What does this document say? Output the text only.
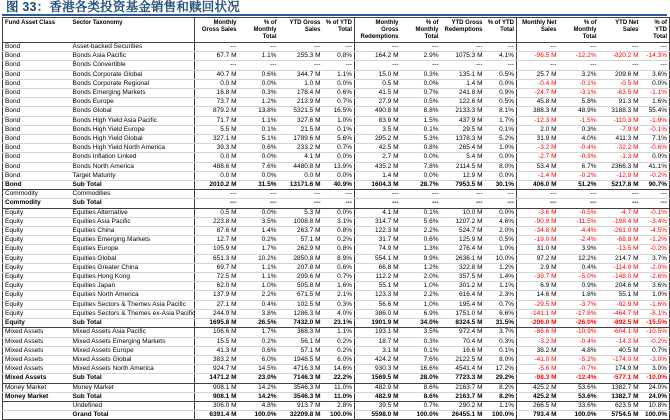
图 33：香港各类投资基金销售和赎回状况
Fund Asset Class	Sector Taxonomy	Monthly Gross Sales	% of Monthly Total	YTD Gross Sales	% of YTD Total	Monthly Gross Redemptions	% of Monthly Total	YTD Gross Redemptions	% of YTD Total	Monthly Net Sales	% of Monthly Total	YTD Net Sales	% of YTD Total
Bond	Asset-backed Securities	---	---	---	---	---	---	---	---	---	---	---	---
Bond	Bonds Asia Pacific	67.7 M	1.1%	255.3 M	0.8%	164.2 M	2.9%	1075.3 M	4.1%	-96.5 M	-12.2%	-820.2 M	-14.3%
Bond	Bonds Convertible	---	---	---	---	---	---	---	---	---	---	---	---
Bond	Bonds Corporate Global	40.7 M	0.6%	344.7 M	1.1%	15.0 M	0.3%	135.1 M	0.5%	25.7 M	3.2%	209.6 M	3.6%
Bond	Bonds Corporate Regional	0.0 M	0.0%	1.0 M	0.0%	0.5 M	0.0%	1.4 M	0.0%	-0.4 M	-0.1%	-0.5 M	0.0%
Bond	Bonds Emerging Markets	16.8 M	0.3%	178.4 M	0.6%	41.5 M	0.7%	241.8 M	0.9%	-24.7 M	-3.1%	-63.5 M	-1.1%
Bond	Bonds Europe	73.7 M	1.2%	213.9 M	0.7%	27.9 M	0.5%	122.6 M	0.5%	45.8 M	5.8%	91.3 M	1.6%
Bond	Bonds Global	879.2 M	13.8%	5321.5 M	16.5%	490.8 M	8.8%	2133.3 M	8.1%	388.3 M	48.9%	3188.3 M	55.4%
Bond	Bonds High Yield Asia Pacific	71.7 M	1.1%	327.6 M	1.0%	83.9 M	1.5%	437.9 M	1.7%	-12.3 M	-1.5%	-110.3 M	-1.9%
Bond	Bonds High Yield Europe	5.5 M	0.1%	21.5 M	0.1%	3.5 M	0.1%	29.5 M	0.1%	2.0 M	0.3%	-7.9 M	-0.1%
Bond	Bonds High Yield Global	327.1 M	5.1%	1789.6 M	5.6%	295.2 M	5.3%	1378.3 M	5.2%	31.9 M	4.0%	411.3 M	7.1%
Bond	Bonds High Yield North America	39.3 M	0.6%	233.2 M	0.7%	42.5 M	0.8%	265.4 M	1.0%	-3.2 M	-0.4%	-32.2 M	-0.6%
Bond	Bonds Inflation Linked	0.0 M	0.0%	4.1 M	0.0%	2.7 M	0.0%	5.4 M	0.0%	-2.7 M	-0.3%	-1.3 M	0.0%
Bond	Bonds North America	488.6 M	7.6%	4480.8 M	13.9%	435.2 M	7.8%	2114.5 M	8.0%	53.4 M	6.7%	2366.3 M	41.1%
Bond	Target Maturity	0.0 M	0.0%	0.0 M	0.0%	1.4 M	0.0%	12.9 M	0.0%	-1.4 M	-0.2%	-12.9 M	-0.2%
Bond	Sub Total	2010.2 M	31.5%	13171.6 M	40.9%	1604.3 M	28.7%	7953.5 M	30.1%	406.0 M	51.2%	5217.8 M	90.7%
Commodity	Commodities	---	---	---	---	---	---	---	---	---	---	---	---
Commodity	Sub Total	---	---	---	---	---	---	---	---	---	---	---	---
Equity	Equities Alternative	0.5 M	0.0%	5.3 M	0.0%	4.1 M	0.1%	10.0 M	0.0%	-3.6 M	-0.5%	-4.7 M	-0.1%
Equity	Equities Asia Pacific	223.8 M	3.5%	1008.8 M	3.1%	314.7 M	5.6%	1207.2 M	4.6%	-90.9 M	-11.5%	-198.4 M	-3.4%
Equity	Equities China	87.6 M	1.4%	263.7 M	0.8%	122.3 M	2.2%	524.7 M	2.0%	-34.8 M	-4.4%	-261.0 M	-4.5%
Equity	Equities Emerging Markets	12.7 M	0.2%	57.1 M	0.2%	31.7 M	0.6%	125.9 M	0.5%	-19.0 M	-2.4%	-68.8 M	-1.2%
Equity	Equities Europe	105.9 M	1.7%	262.9 M	0.8%	74.9 M	1.3%	276.4 M	1.0%	31.0 M	3.9%	-13.5 M	-0.2%
Equity	Equities Global	651.3 M	10.2%	2850.8 M	8.9%	554.1 M	9.9%	2636.1 M	10.0%	97.2 M	12.2%	214.7 M	3.7%
Equity	Equities Greater China	69.7 M	1.1%	207.8 M	0.6%	66.8 M	1.2%	322.8 M	1.2%	2.9 M	0.4%	-114.9 M	-2.0%
Equity	Equities Hong Kong	72.5 M	1.1%	209.6 M	0.7%	112.2 M	2.0%	357.5 M	1.4%	-39.7 M	-5.0%	-148.0 M	-2.6%
Equity	Equities Japan	62.0 M	1.0%	505.8 M	1.6%	55.1 M	1.0%	301.2 M	1.1%	6.9 M	0.9%	204.6 M	3.6%
Equity	Equities North America	137.9 M	2.2%	671.5 M	2.1%	123.3 M	2.2%	616.4 M	2.3%	14.6 M	1.8%	55.1 M	1.0%
Equity	Equities Sectors & Themes Asia Pacific	27.1 M	0.4%	102.5 M	0.3%	56.6 M	1.0%	195.4 M	0.7%	-29.5 M	-3.7%	-92.9 M	-1.6%
Equity	Equities Sectors & Themes ex-Asia Pacific	244.9 M	3.8%	1286.3 M	4.0%	386.0 M	6.9%	1751.0 M	6.6%	-141.1 M	-17.8%	-464.7 M	-8.1%
Equity	Sub Total	1695.8 M	26.5%	7432.0 M	23.1%	1901.9 M	34.0%	8324.5 M	31.5%	-206.0 M	-26.0%	-892.5 M	-15.5%
Mixed Assets	Mixed Assets Asia Pacific	106.6 M	1.7%	368.3 M	1.1%	193.1 M	3.5%	972.4 M	3.7%	-86.6 M	-10.9%	-604.1 M	-10.5%
Mixed Assets	Mixed Assets Emerging Markets	15.5 M	0.2%	56.1 M	0.2%	18.7 M	0.3%	70.4 M	0.3%	-3.2 M	-0.4%	-14.3 M	-0.2%
Mixed Assets	Mixed Assets Europe	41.3 M	0.6%	57.1 M	0.2%	3.1 M	0.1%	16.6 M	0.1%	38.2 M	4.8%	40.5 M	0.7%
Mixed Assets	Mixed Assets Global	383.2 M	6.0%	1948.5 M	6.0%	424.2 M	7.6%	2122.5 M	8.0%	-41.0 M	-5.2%	-174.0 M	-3.0%
Mixed Assets	Mixed Assets North America	924.7 M	14.5%	4716.3 M	14.6%	930.3 M	16.6%	4541.4 M	17.2%	-5.6 M	-0.7%	174.9 M	3.0%
Mixed Assets	Sub Total	1471.2 M	23.0%	7146.3 M	22.2%	1569.5 M	28.0%	7723.3 M	29.2%	-98.3 M	-12.4%	-577.1 M	-10.0%
Money Market	Money Market	908.1 M	14.2%	3546.3 M	11.0%	482.9 M	8.6%	2163.7 M	8.2%	425.2 M	53.6%	1382.7 M	24.0%
Money Market	Sub Total	908.1 M	14.2%	3546.3 M	11.0%	482.9 M	8.6%	2163.7 M	8.2%	425.2 M	53.6%	1382.7 M	24.0%
	Undefined	306.0 M	4.8%	913.7 M	2.8%	39.5 M	0.7%	290.2 M	1.1%	266.5 M	33.6%	623.5 M	10.8%
	Grand Total	6391.4 M	100.0%	32209.8 M	100.0%	5598.0 M	100.0%	26455.1 M	100.0%	793.4 M	100.0%	5754.5 M	100.0%
